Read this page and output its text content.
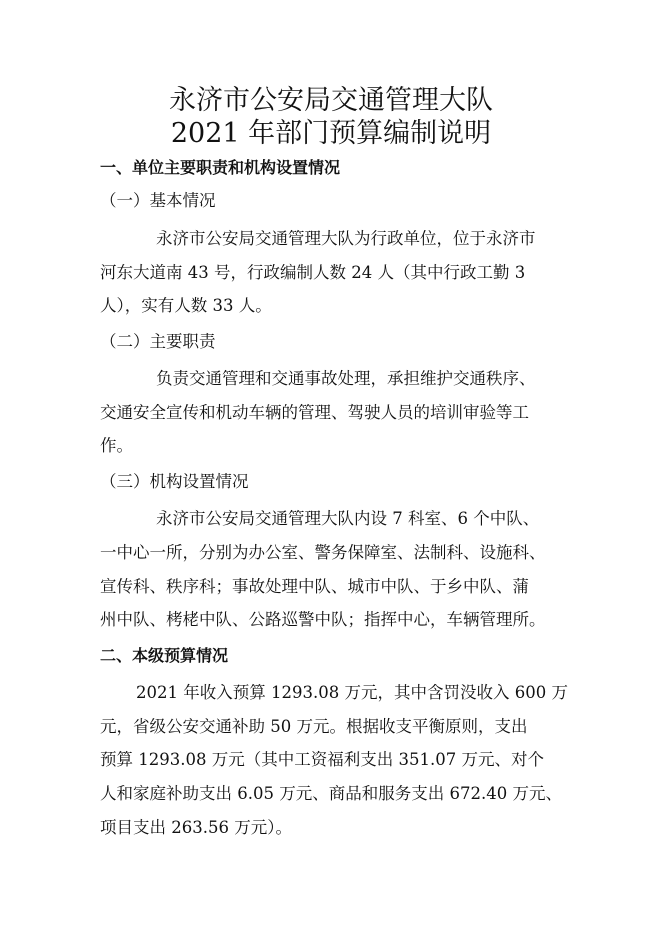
永济市公安局交通管理大队
2021 年部门预算编制说明
一、单位主要职责和机构设置情况
（一）基本情况
永济市公安局交通管理大队为行政单位，位于永济市
河东大道南 43 号，行政编制人数 24 人（其中行政工勤 3
人），实有人数 33 人。
（二）主要职责
负责交通管理和交通事故处理，承担维护交通秩序、
交通安全宣传和机动车辆的管理、驾驶人员的培训审验等工
作。
（三）机构设置情况
永济市公安局交通管理大队内设 7 科室、6 个中队、
一中心一所，分别为办公室、警务保障室、法制科、设施科、
宣传科、秩序科；事故处理中队、城市中队、于乡中队、蒲
州中队、栲栳中队、公路巡警中队；指挥中心，车辆管理所。
二、本级预算情况
2021 年收入预算 1293.08 万元，其中含罚没收入 600 万
元，省级公安交通补助 50 万元。根据收支平衡原则，支出
预算 1293.08 万元（其中工资福利支出 351.07 万元、对个
人和家庭补助支出 6.05 万元、商品和服务支出 672.40 万元、
项目支出 263.56 万元）。
